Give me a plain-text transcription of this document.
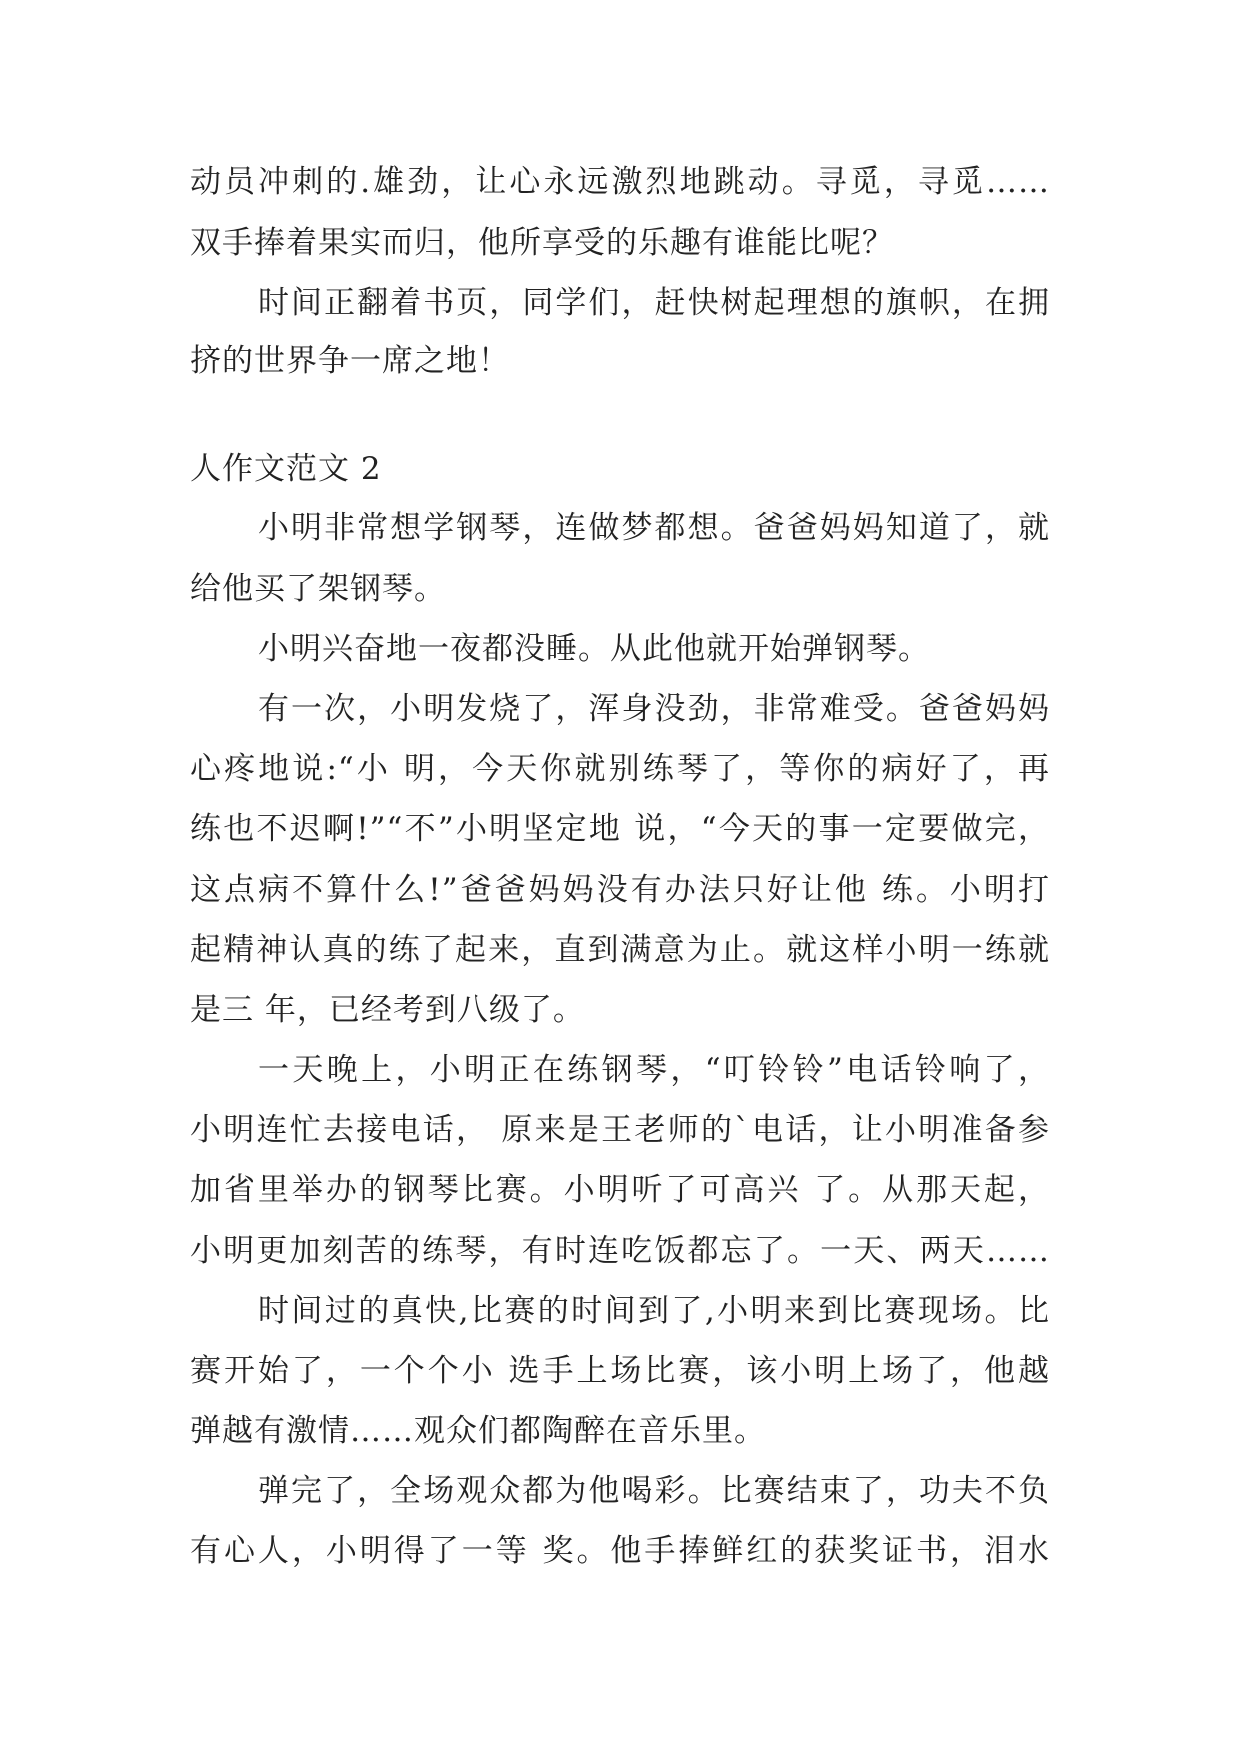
动员冲刺的.雄劲，让心永远激烈地跳动。寻觅，寻觅……
双手捧着果实而归，他所享受的乐趣有谁能比呢？
时间正翻着书页，同学们，赶快树起理想的旗帜，在拥
挤的世界争一席之地！
人作文范文 2
小明非常想学钢琴，连做梦都想。爸爸妈妈知道了，就
给他买了架钢琴。
小明兴奋地一夜都没睡。从此他就开始弹钢琴。
有一次，小明发烧了，浑身没劲，非常难受。爸爸妈妈
心疼地说:“小 明，今天你就别练琴了，等你的病好了，再
练也不迟啊!”“不”小明坚定地 说，“今天的事一定要做完，
这点病不算什么!”爸爸妈妈没有办法只好让他 练。小明打
起精神认真的练了起来，直到满意为止。就这样小明一练就
是三 年，已经考到八级了。
一天晚上，小明正在练钢琴，“叮铃铃”电话铃响了，
小明连忙去接电话， 原来是王老师的`电话，让小明准备参
加省里举办的钢琴比赛。小明听了可高兴 了。从那天起，
小明更加刻苦的练琴，有时连吃饭都忘了。一天、两天……
时间过的真快,比赛的时间到了,小明来到比赛现场。比
赛开始了，一个个小 选手上场比赛，该小明上场了，他越
弹越有激情……观众们都陶醉在音乐里。
弹完了，全场观众都为他喝彩。比赛结束了，功夫不负
有心人，小明得了一等 奖。他手捧鲜红的获奖证书，泪水
